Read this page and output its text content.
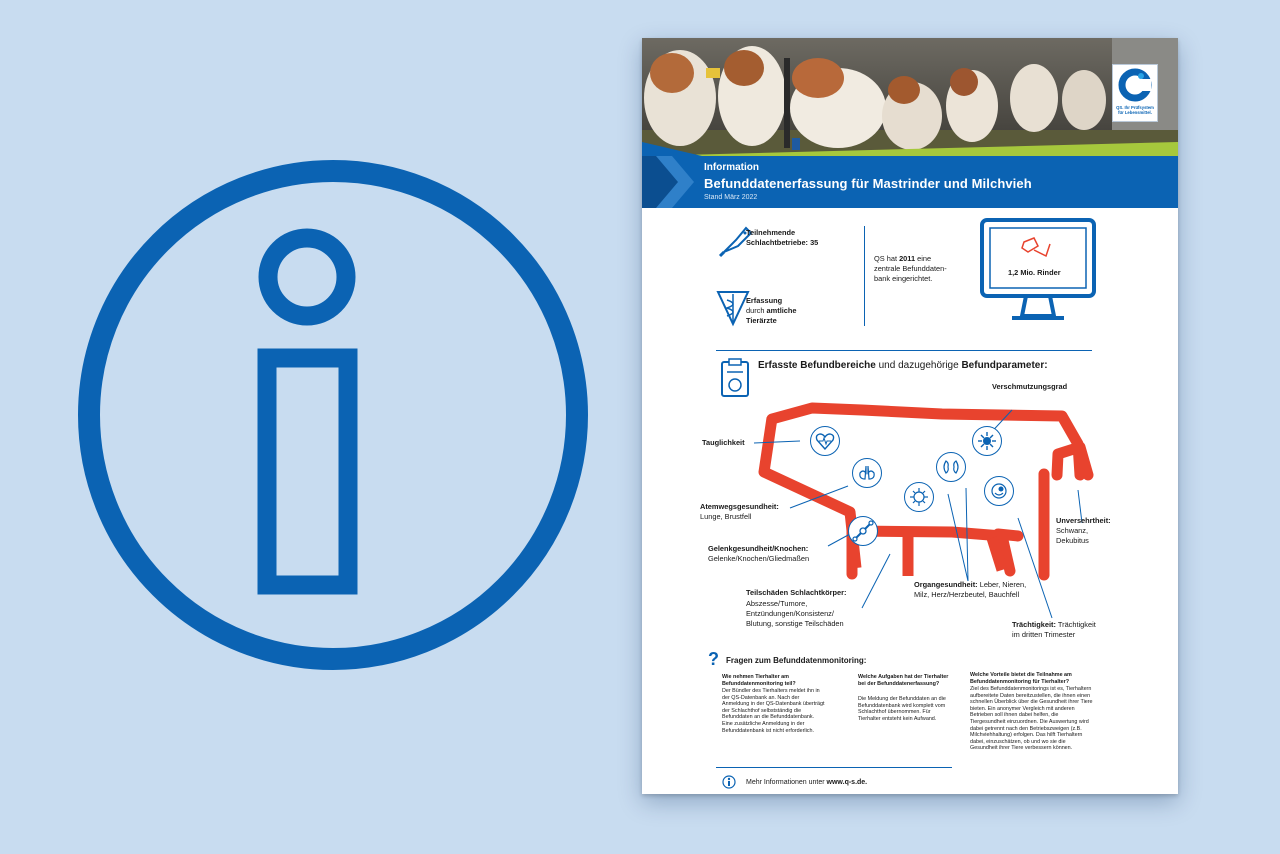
QS. Ihr Prüfsystem
für Lebensmittel.
Information
Befunddatenerfassung für Mastrinder und Milchvieh
Stand März 2022
Teilnehmende
Schlachtbetriebe: 35
Erfassung
durch amtliche
Tierärzte
QS hat 2011 eine
zentrale Befunddaten-
bank eingerichtet.
1,2 Mio. Rinder
Erfasste Befundbereiche und dazugehörige Befundparameter:
Verschmutzungsgrad
Tauglichkeit
Atemwegsgesundheit:
Lunge, Brustfell
Gelenkgesundheit/Knochen:
Gelenke/Knochen/Gliedmaßen
Teilschäden Schlachtkörper:
Abszesse/Tumore,
Entzündungen/Konsistenz/
Blutung, sonstige Teilschäden
Organgesundheit: Leber, Nieren,
Milz, Herz/Herzbeutel, Bauchfell
Unversehrtheit:
Schwanz,
Dekubitus
Trächtigkeit: Trächtigkeit
im dritten Trimester
? Fragen zum Befunddatenmonitoring:
Wie nehmen Tierhalter am Befunddatenmonitoring teil?
Der Bündler des Tierhalters meldet ihn in der QS-Datenbank an. Nach der Anmeldung in der QS-Datenbank überträgt der Schlachthof selbstständig die Befunddaten an die Befunddatenbank. Eine zusätzliche Anmeldung in der Befunddatenbank ist nicht erforderlich.
Welche Aufgaben hat der Tierhalter bei der Befunddatenerfassung?
Die Meldung der Befunddaten an die Befunddatenbank wird komplett vom Schlachthof übernommen. Für Tierhalter entsteht kein Aufwand.
Welche Vorteile bietet die Teilnahme am Befunddatenmonitoring für Tierhalter?
Ziel des Befunddatenmonitorings ist es, Tierhaltern aufbereitete Daten bereitzustellen, die ihnen einen schnellen Überblick über die Gesundheit ihrer Tiere bieten. Ein anonymer Vergleich mit anderen Betrieben soll ihnen dabei helfen, die Tiergesundheit einzuordnen. Die Auswertung wird dabei getrennt nach den Betriebszweigen (z.B. Milchviehhaltung) erfolgen. Das hilft Tierhaltern dabei, einzuschätzen, ob und wo sie die Gesundheit ihrer Tiere verbessern können.
Mehr Informationen unter www.q-s.de.
